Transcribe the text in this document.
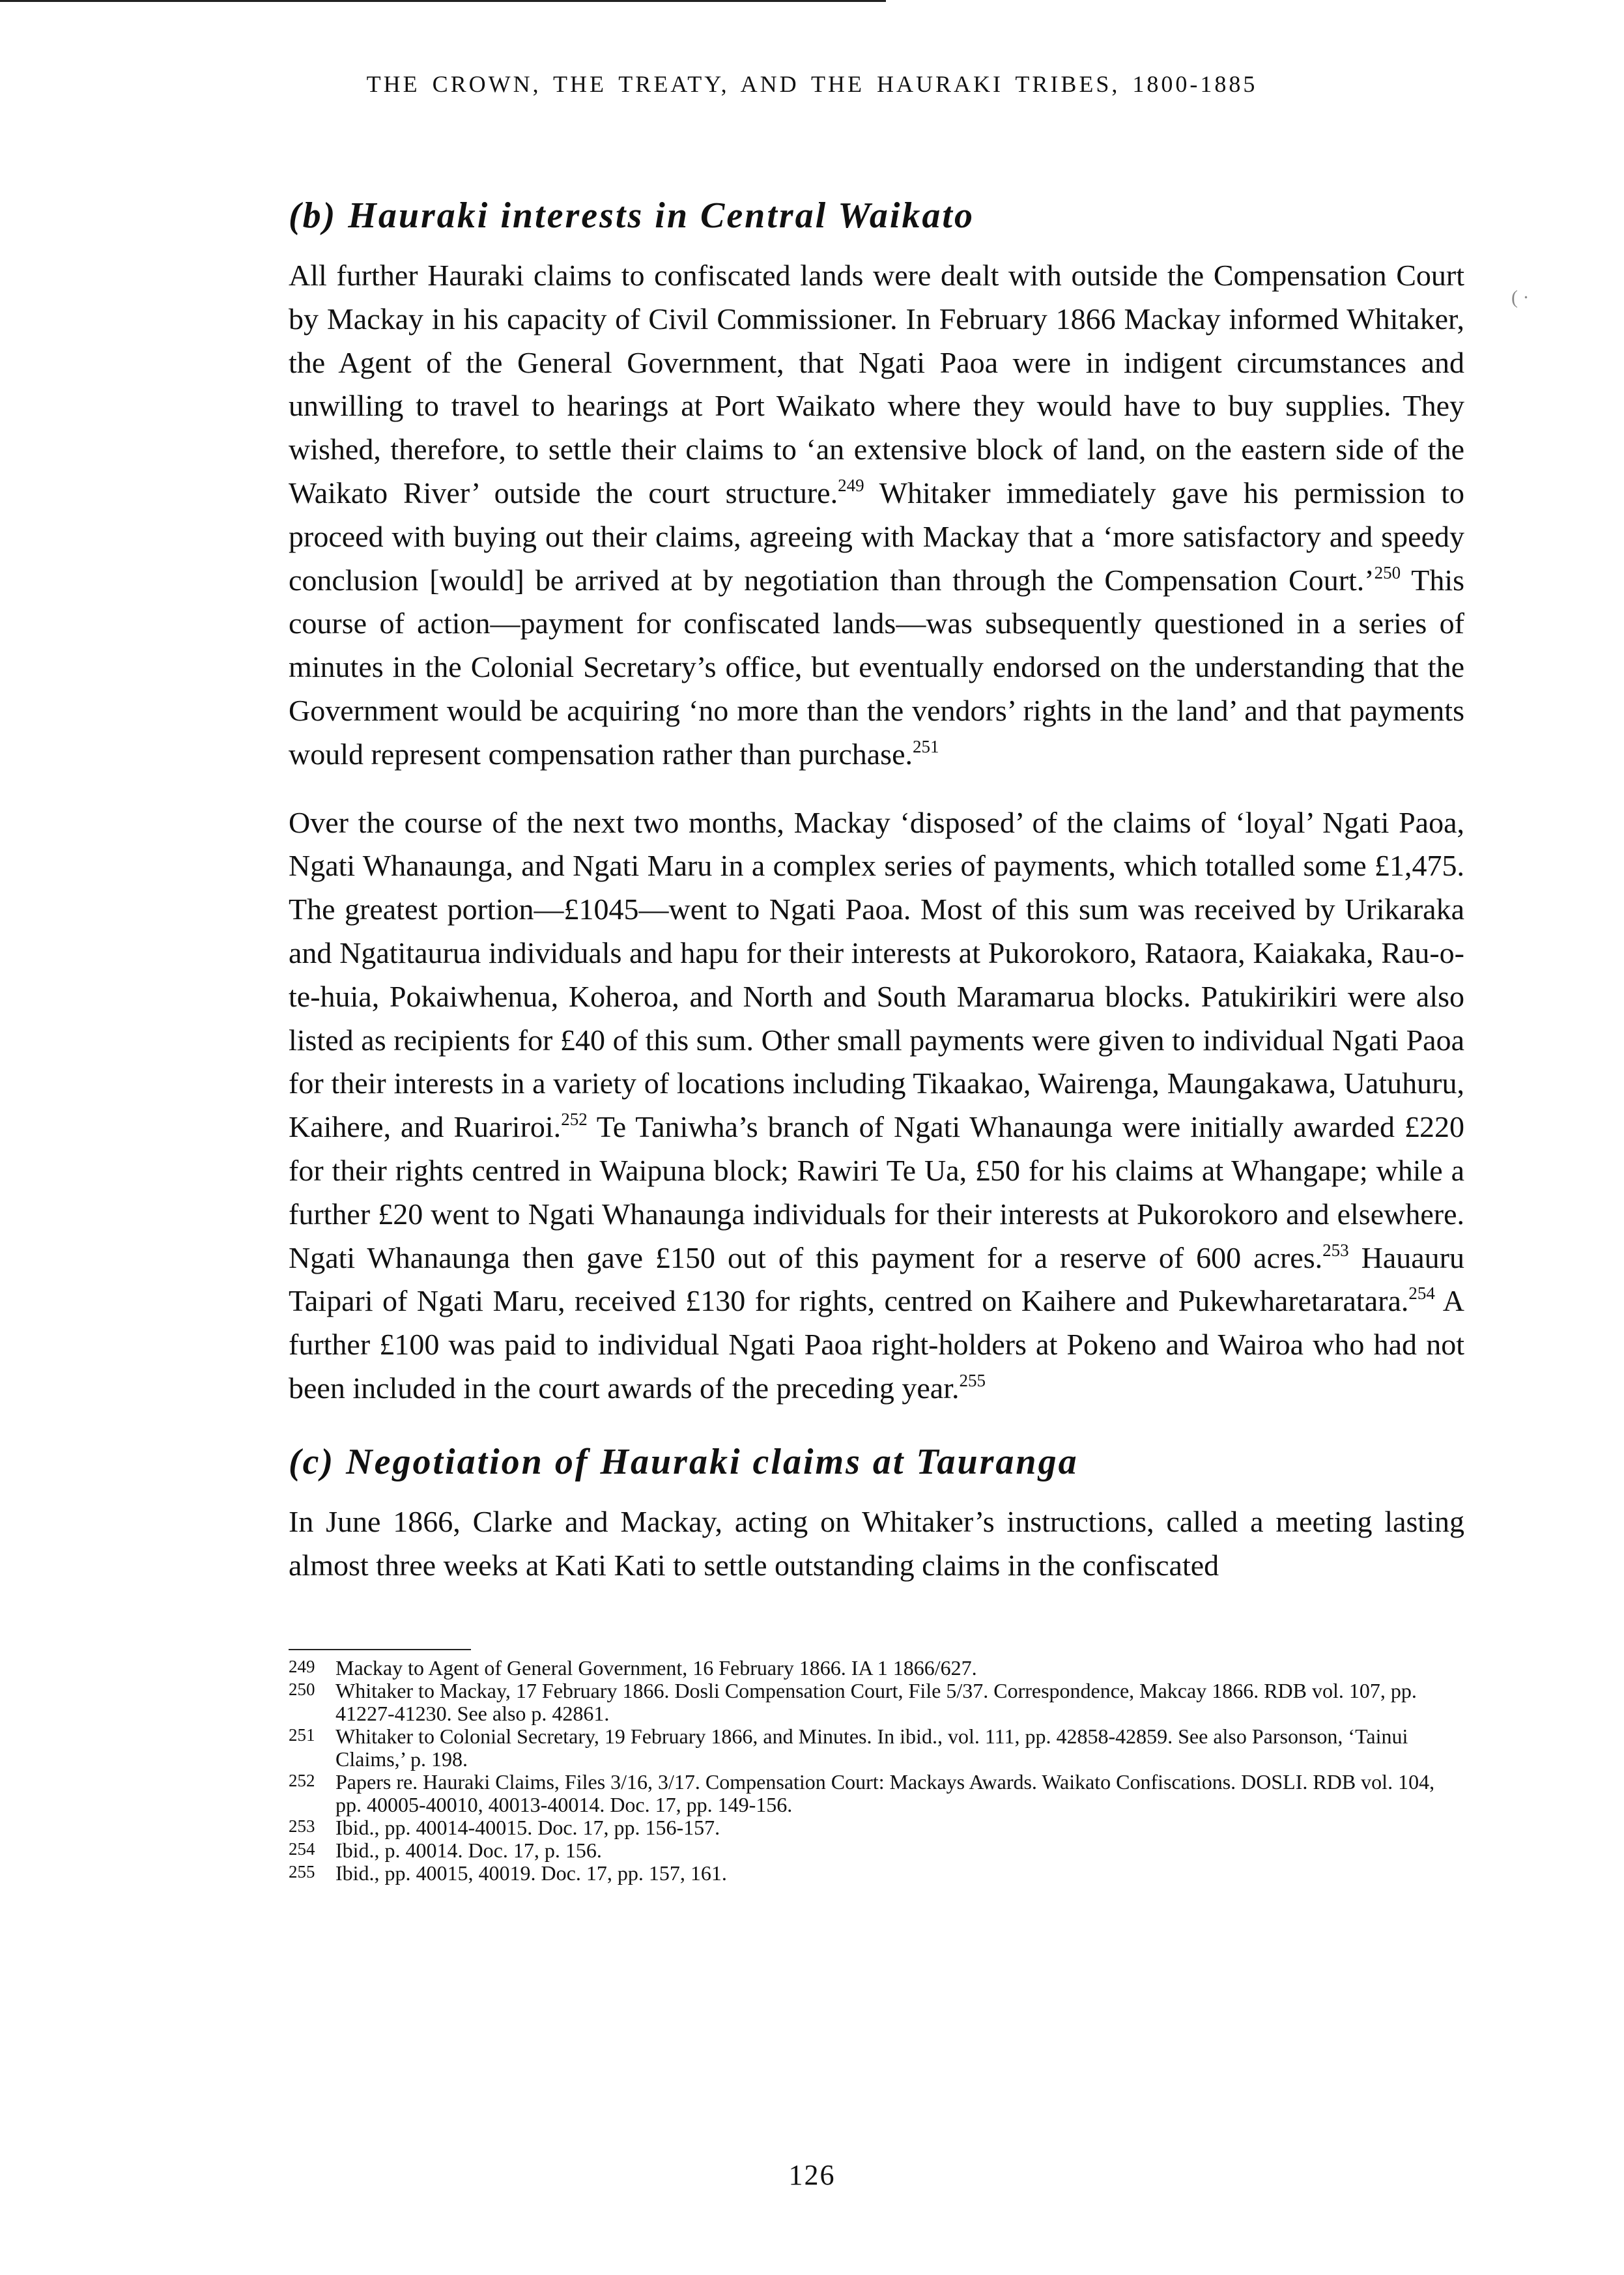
THE CROWN, THE TREATY, AND THE HAURAKI TRIBES, 1800-1885
( ·
(b) Hauraki interests in Central Waikato

All further Hauraki claims to confiscated lands were dealt with outside the Compensation Court by Mackay in his capacity of Civil Commissioner. In February 1866 Mackay informed Whitaker, the Agent of the General Government, that Ngati Paoa were in indigent circumstances and unwilling to travel to hearings at Port Waikato where they would have to buy supplies. They wished, therefore, to settle their claims to ‘an extensive block of land, on the eastern side of the Waikato River’ outside the court structure.$^{249}$ Whitaker immediately gave his permission to proceed with buying out their claims, agreeing with Mackay that a ‘more satisfactory and speedy conclusion [would] be arrived at by negotiation than through the Compensation Court.’$^{250}$ This course of action—payment for confiscated lands—was subsequently questioned in a series of minutes in the Colonial Secretary’s office, but eventually endorsed on the understanding that the Government would be acquiring ‘no more than the vendors’ rights in the land’ and that payments would represent compensation rather than purchase.$^{251}$

Over the course of the next two months, Mackay ‘disposed’ of the claims of ‘loyal’ Ngati Paoa, Ngati Whanaunga, and Ngati Maru in a complex series of payments, which totalled some £1,475. The greatest portion—£1045—went to Ngati Paoa. Most of this sum was received by Urikaraka and Ngatitaurua individuals and hapu for their interests at Pukorokoro, Rataora, Kaiakaka, Rau-o-te-huia, Pokaiwhenua, Koheroa, and North and South Maramarua blocks. Patukirikiri were also listed as recipients for £40 of this sum. Other small payments were given to individual Ngati Paoa for their interests in a variety of locations including Tikaakao, Wairenga, Maungakawa, Uatuhuru, Kaihere, and Ruariroi.$^{252}$ Te Taniwha’s branch of Ngati Whanaunga were initially awarded £220 for their rights centred in Waipuna block; Rawiri Te Ua, £50 for his claims at Whangape; while a further £20 went to Ngati Whanaunga individuals for their interests at Pukorokoro and elsewhere. Ngati Whanaunga then gave £150 out of this payment for a reserve of 600 acres.$^{253}$ Hauauru Taipari of Ngati Maru, received £130 for rights, centred on Kaihere and Pukewharetaratara.$^{254}$ A further £100 was paid to individual Ngati Paoa right-holders at Pokeno and Wairoa who had not been included in the court awards of the preceding year.$^{255}$

(c) Negotiation of Hauraki claims at Tauranga

In June 1866, Clarke and Mackay, acting on Whitaker’s instructions, called a meeting lasting almost three weeks at Kati Kati to settle outstanding claims in the confiscated

249 Mackay to Agent of General Government, 16 February 1866. IA 1 1866/627.
250 Whitaker to Mackay, 17 February 1866. Dosli Compensation Court, File 5/37. Correspondence, Makcay 1866. RDB vol. 107, pp. 41227-41230. See also p. 42861.
251 Whitaker to Colonial Secretary, 19 February 1866, and Minutes. In ibid., vol. 111, pp. 42858-42859. See also Parsonson, ‘Tainui Claims,’ p. 198.
252 Papers re. Hauraki Claims, Files 3/16, 3/17. Compensation Court: Mackays Awards. Waikato Confiscations. DOSLI. RDB vol. 104, pp. 40005-40010, 40013-40014. Doc. 17, pp. 149-156.
253 Ibid., pp. 40014-40015. Doc. 17, pp. 156-157.
254 Ibid., p. 40014. Doc. 17, p. 156.
255 Ibid., pp. 40015, 40019. Doc. 17, pp. 157, 161.
126
